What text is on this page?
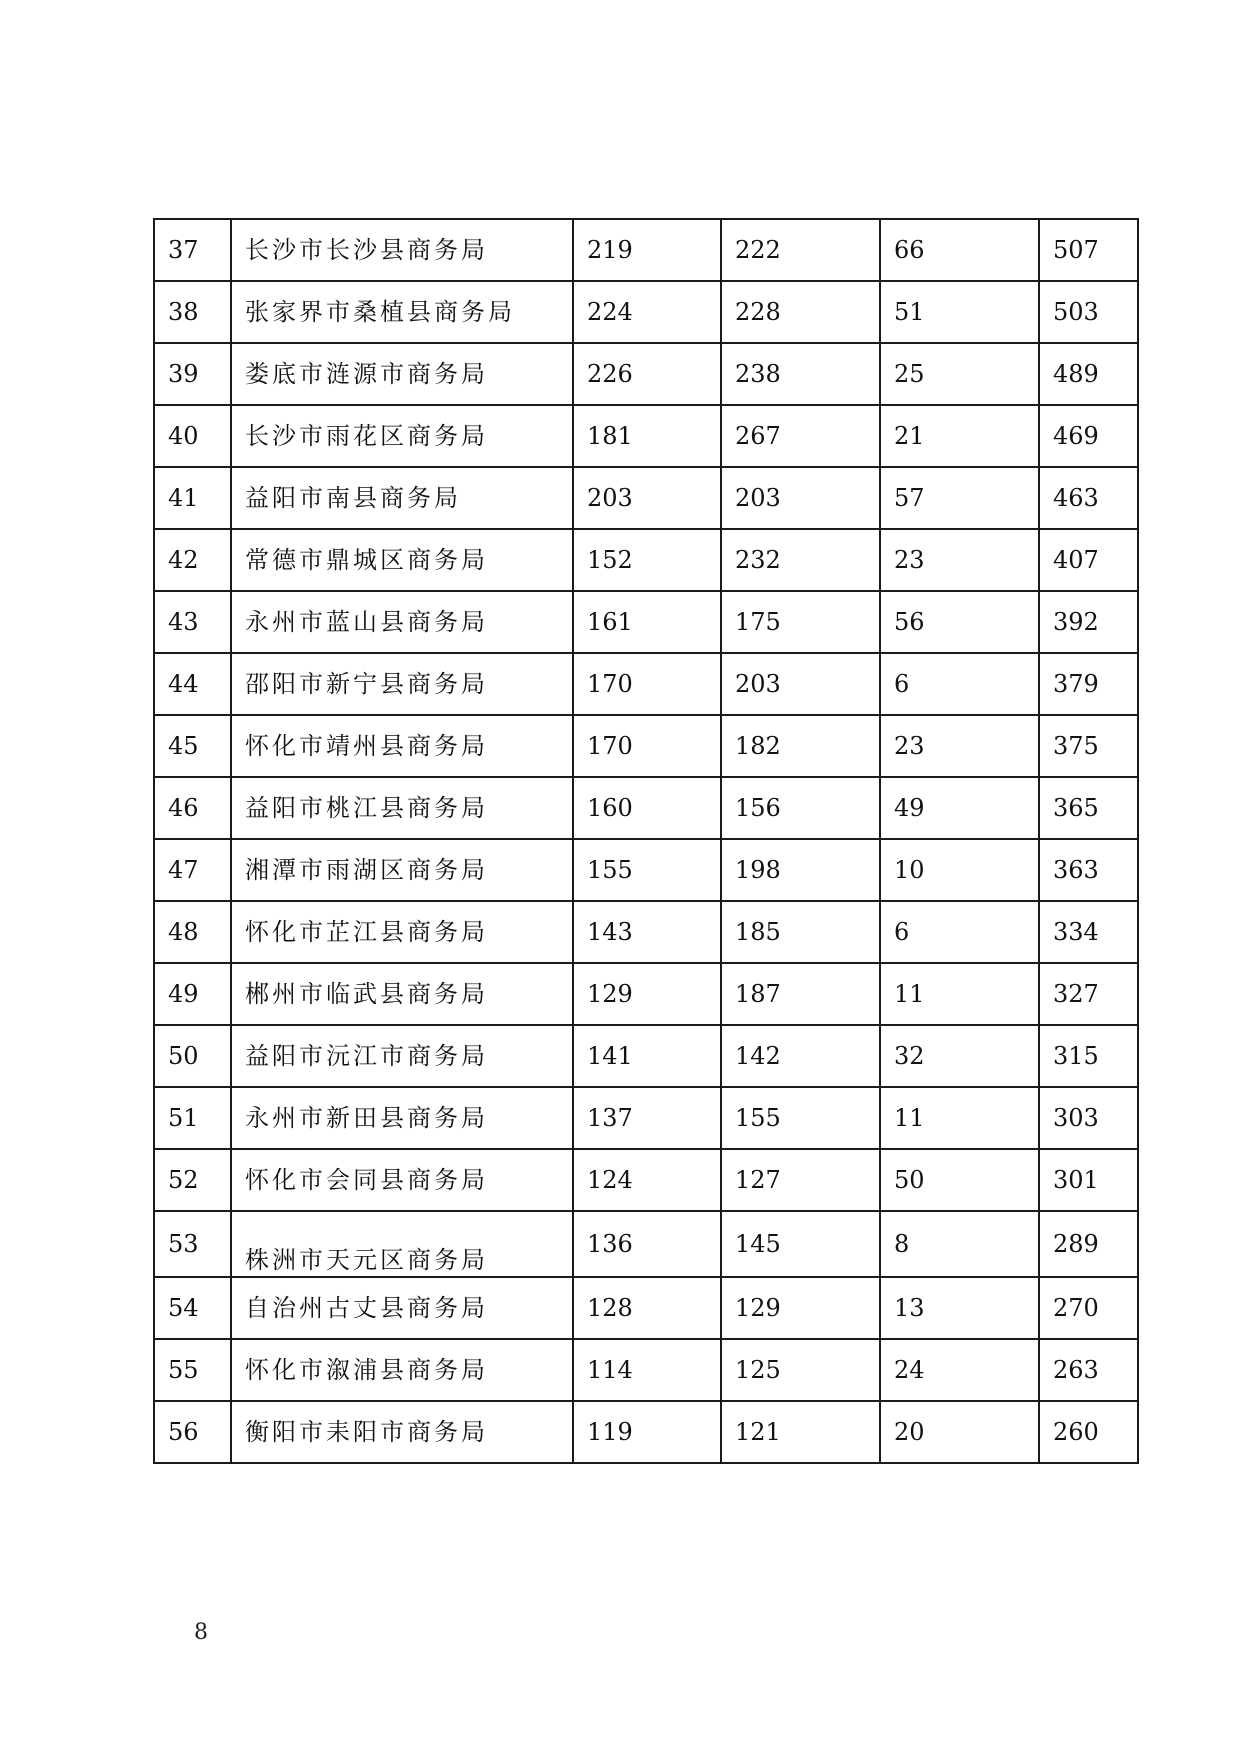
37	长沙市长沙县商务局	219	222	66	507
38	张家界市桑植县商务局	224	228	51	503
39	娄底市涟源市商务局	226	238	25	489
40	长沙市雨花区商务局	181	267	21	469
41	益阳市南县商务局	203	203	57	463
42	常德市鼎城区商务局	152	232	23	407
43	永州市蓝山县商务局	161	175	56	392
44	邵阳市新宁县商务局	170	203	6	379
45	怀化市靖州县商务局	170	182	23	375
46	益阳市桃江县商务局	160	156	49	365
47	湘潭市雨湖区商务局	155	198	10	363
48	怀化市芷江县商务局	143	185	6	334
49	郴州市临武县商务局	129	187	11	327
50	益阳市沅江市商务局	141	142	32	315
51	永州市新田县商务局	137	155	11	303
52	怀化市会同县商务局	124	127	50	301
53	株洲市天元区商务局	136	145	8	289
54	自治州古丈县商务局	128	129	13	270
55	怀化市溆浦县商务局	114	125	24	263
56	衡阳市耒阳市商务局	119	121	20	260
8
